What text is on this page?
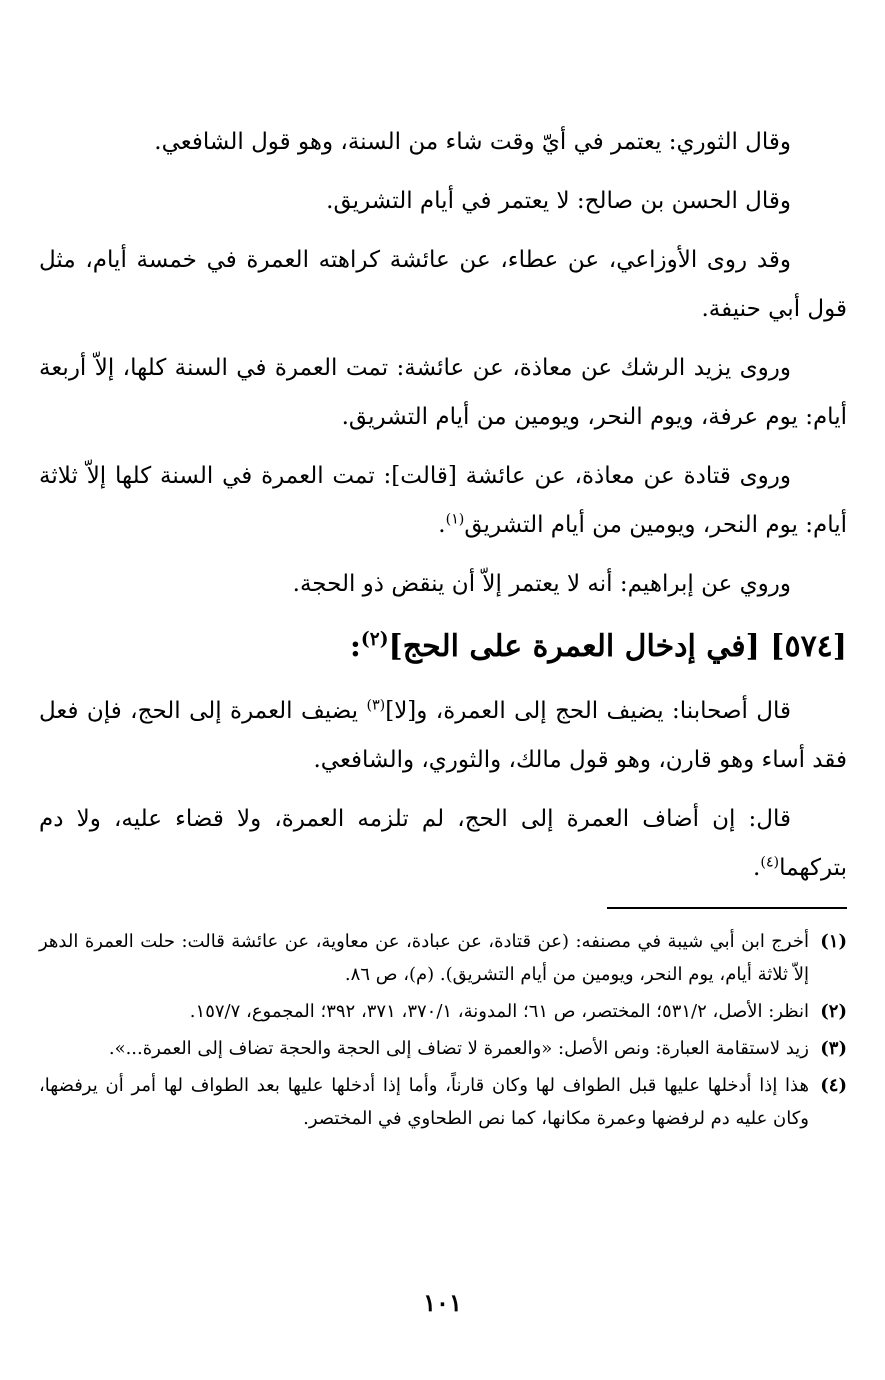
وقال الثوري: يعتمر في أيّ وقت شاء من السنة، وهو قول الشافعي.

وقال الحسن بن صالح: لا يعتمر في أيام التشريق.

وقد روى الأوزاعي، عن عطاء، عن عائشة كراهته العمرة في خمسة أيام، مثل قول أبي حنيفة.

وروى يزيد الرشك عن معاذة، عن عائشة: تمت العمرة في السنة كلها، إلاّ أربعة أيام: يوم عرفة، ويوم النحر، ويومين من أيام التشريق.

وروى قتادة عن معاذة، عن عائشة [قالت]: تمت العمرة في السنة كلها إلاّ ثلاثة أيام: يوم النحر، ويومين من أيام التشريق$^{(١)}$.

وروي عن إبراهيم: أنه لا يعتمر إلاّ أن ينقض ذو الحجة.

[٥٧٤] [في إدخال العمرة على الحج]$^{(٢)}$:

قال أصحابنا: يضيف الحج إلى العمرة، و[لا]$^{(٣)}$ يضيف العمرة إلى الحج، فإن فعل فقد أساء وهو قارن، وهو قول مالك، والثوري، والشافعي.

قال: إن أضاف العمرة إلى الحج، لم تلزمه العمرة، ولا قضاء عليه، ولا دم بتركهما$^{(٤)}$.

(١)
أخرج ابن أبي شيبة في مصنفه: (عن قتادة، عن عبادة، عن معاوية، عن عائشة قالت: حلت العمرة الدهر إلاّ ثلاثة أيام، يوم النحر، ويومين من أيام التشريق). (م)، ص ٨٦.
(٢)
انظر: الأصل، ٥٣١/٢؛ المختصر، ص ٦١؛ المدونة، ٣٧٠/١، ٣٧١، ٣٩٢؛ المجموع، ١٥٧/٧.
(٣)
زيد لاستقامة العبارة: ونص الأصل: «والعمرة لا تضاف إلى الحجة والحجة تضاف إلى العمرة...».
(٤)
هذا إذا أدخلها عليها قبل الطواف لها وكان قارناً، وأما إذا أدخلها عليها بعد الطواف لها أمر أن يرفضها، وكان عليه دم لرفضها وعمرة مكانها، كما نص الطحاوي في المختصر.
١٠١
